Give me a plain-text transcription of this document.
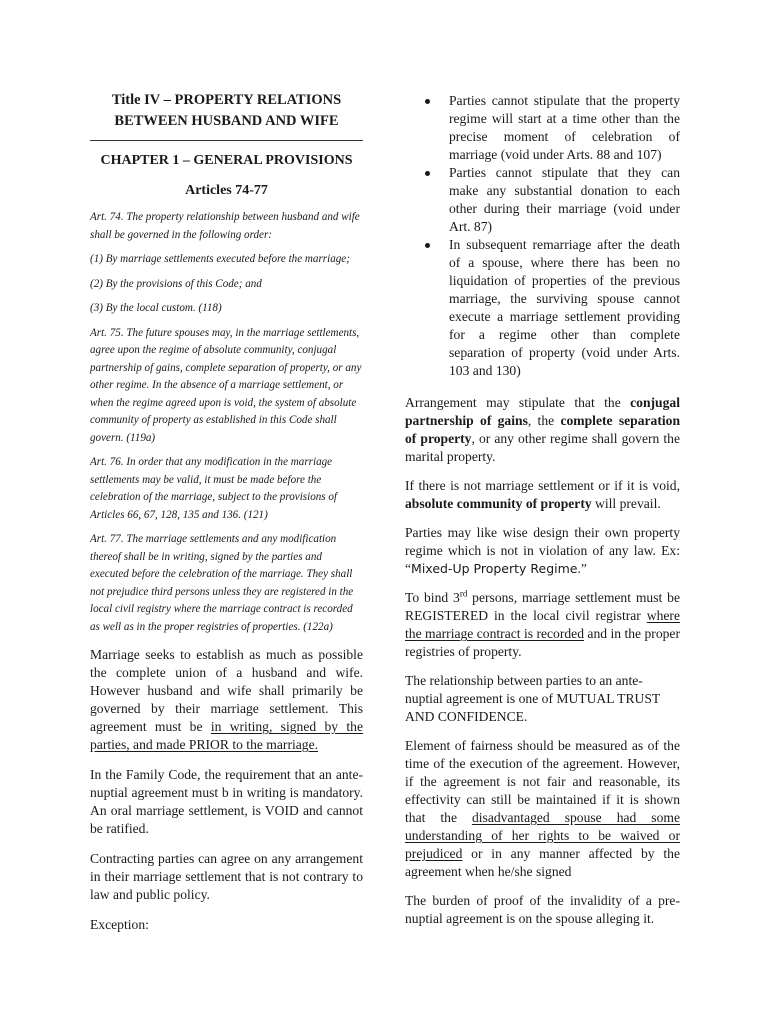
Title IV – PROPERTY RELATIONS
BETWEEN HUSBAND AND WIFE
CHAPTER 1 – GENERAL PROVISIONS
Articles 74-77

Art. 74. The property relationship between husband and wife shall be governed in the following order:

(1) By marriage settlements executed before the marriage;

(2) By the provisions of this Code; and

(3) By the local custom. (118)

Art. 75. The future spouses may, in the marriage settlements, agree upon the regime of absolute community, conjugal partnership of gains, complete separation of property, or any other regime. In the absence of a marriage settlement, or when the regime agreed upon is void, the system of absolute community of property as established in this Code shall govern. (119a)

Art. 76. In order that any modification in the marriage settlements may be valid, it must be made before the celebration of the marriage, subject to the provisions of Articles 66, 67, 128, 135 and 136. (121)

Art. 77. The marriage settlements and any modification thereof shall be in writing, signed by the parties and executed before the celebration of the marriage. They shall not prejudice third persons unless they are registered in the local civil registry where the marriage contract is recorded as well as in the proper registries of properties. (122a)

Marriage seeks to establish as much as possible the complete union of a husband and wife. However husband and wife shall primarily be governed by their marriage settlement. This agreement must be in writing, signed by the parties, and made PRIOR to the marriage.

In the Family Code, the requirement that an ante-nuptial agreement must b in writing is mandatory. An oral marriage settlement, is VOID and cannot be ratified.

Contracting parties can agree on any arrangement in their marriage settlement that is not contrary to law and public policy.

Exception:

Parties cannot stipulate that the property regime will start at a time other than the precise moment of celebration of marriage (void under Arts. 88 and 107)
Parties cannot stipulate that they can make any substantial donation to each other during their marriage (void under Art. 87)
In subsequent remarriage after the death of a spouse, where there has been no liquidation of properties of the previous marriage, the surviving spouse cannot execute a marriage settlement providing for a regime other than complete separation of property (void under Arts. 103 and 130)

Arrangement may stipulate that the conjugal partnership of gains, the complete separation of property, or any other regime shall govern the marital property.

If there is not marriage settlement or if it is void, absolute community of property will prevail.

Parties may like wise design their own property regime which is not in violation of any law. Ex: “Mixed-Up Property Regime.”

To bind 3rd persons, marriage settlement must be REGISTERED in the local civil registrar where the marriage contract is recorded and in the proper registries of property.

The relationship between parties to an ante-nuptial agreement is one of MUTUAL TRUST AND CONFIDENCE.

Element of fairness should be measured as of the time of the execution of the agreement. However, if the agreement is not fair and reasonable, its effectivity can still be maintained if it is shown that the disadvantaged spouse had some understanding of her rights to be waived or prejudiced or in any manner affected by the agreement when he/she signed

The burden of proof of the invalidity of a pre-nuptial agreement is on the spouse alleging it.
